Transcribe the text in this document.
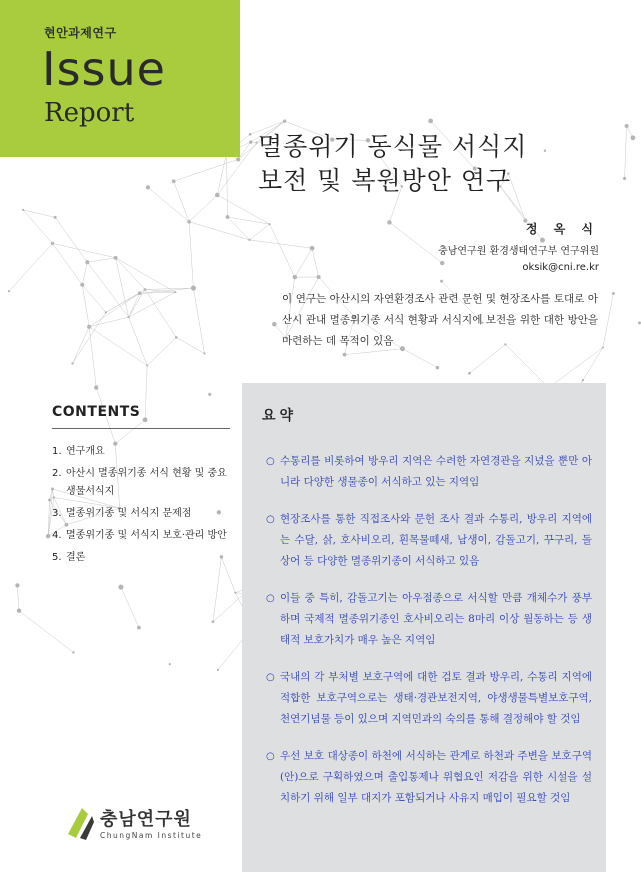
현안과제연구
Issue
Report
멸종위기 동식물 서식지
보전 및 복원방안 연구
정 옥 식
충남연구원 환경생태연구부 연구위원
oksik@cni.re.kr

이 연구는 아산시의 자연환경조사 관련 문헌 및 현장조사를 토대로 아산시 관내 멸종위기종 서식 현황과 서식지에 보전을 위한 대한 방안을 마련하는 데 목적이 있음

CONTENTS
1. 연구개요
2. 아산시 멸종위기종 서식 현황 및 중요 생물서식지
3. 멸종위기종 및 서식지 문제점
4. 멸종위기종 및 서식지 보호·관리 방안
5. 결론
요약
○ 수통리를 비롯하여 방우리 지역은 수려한 자연경관을 지녔을 뿐만 아니라 다양한 생물종이 서식하고 있는 지역임
○ 현장조사를 통한 직접조사와 문헌 조사 결과 수통리, 방우리 지역에는 수달, 삵, 호사비오리, 흰목물떼새, 남생이, 감돌고기, 꾸구리, 돌상어 등 다양한 멸종위기종이 서식하고 있음
○ 이들 중 특히, 감돌고기는 아우점종으로 서식할 만큼 개체수가 풍부하며 국제적 멸종위기종인 호사비오리는 8마리 이상 월동하는 등 생태적 보호가치가 매우 높은 지역임
○ 국내의 각 부처별 보호구역에 대한 검토 결과 방우리, 수통리 지역에 적합한 보호구역으로는 생태·경관보전지역, 야생생물특별보호구역, 천연기념물 등이 있으며 지역민과의 숙의를 통해 결정해야 할 것임
○ 우선 보호 대상종이 하천에 서식하는 관계로 하천과 주변을 보호구역(안)으로 구획하였으며 출입통제나 위협요인 저감을 위한 시설을 설치하기 위해 일부 대지가 포함되거나 사유지 매입이 필요할 것임
충남연구원
ChungNam Institute
